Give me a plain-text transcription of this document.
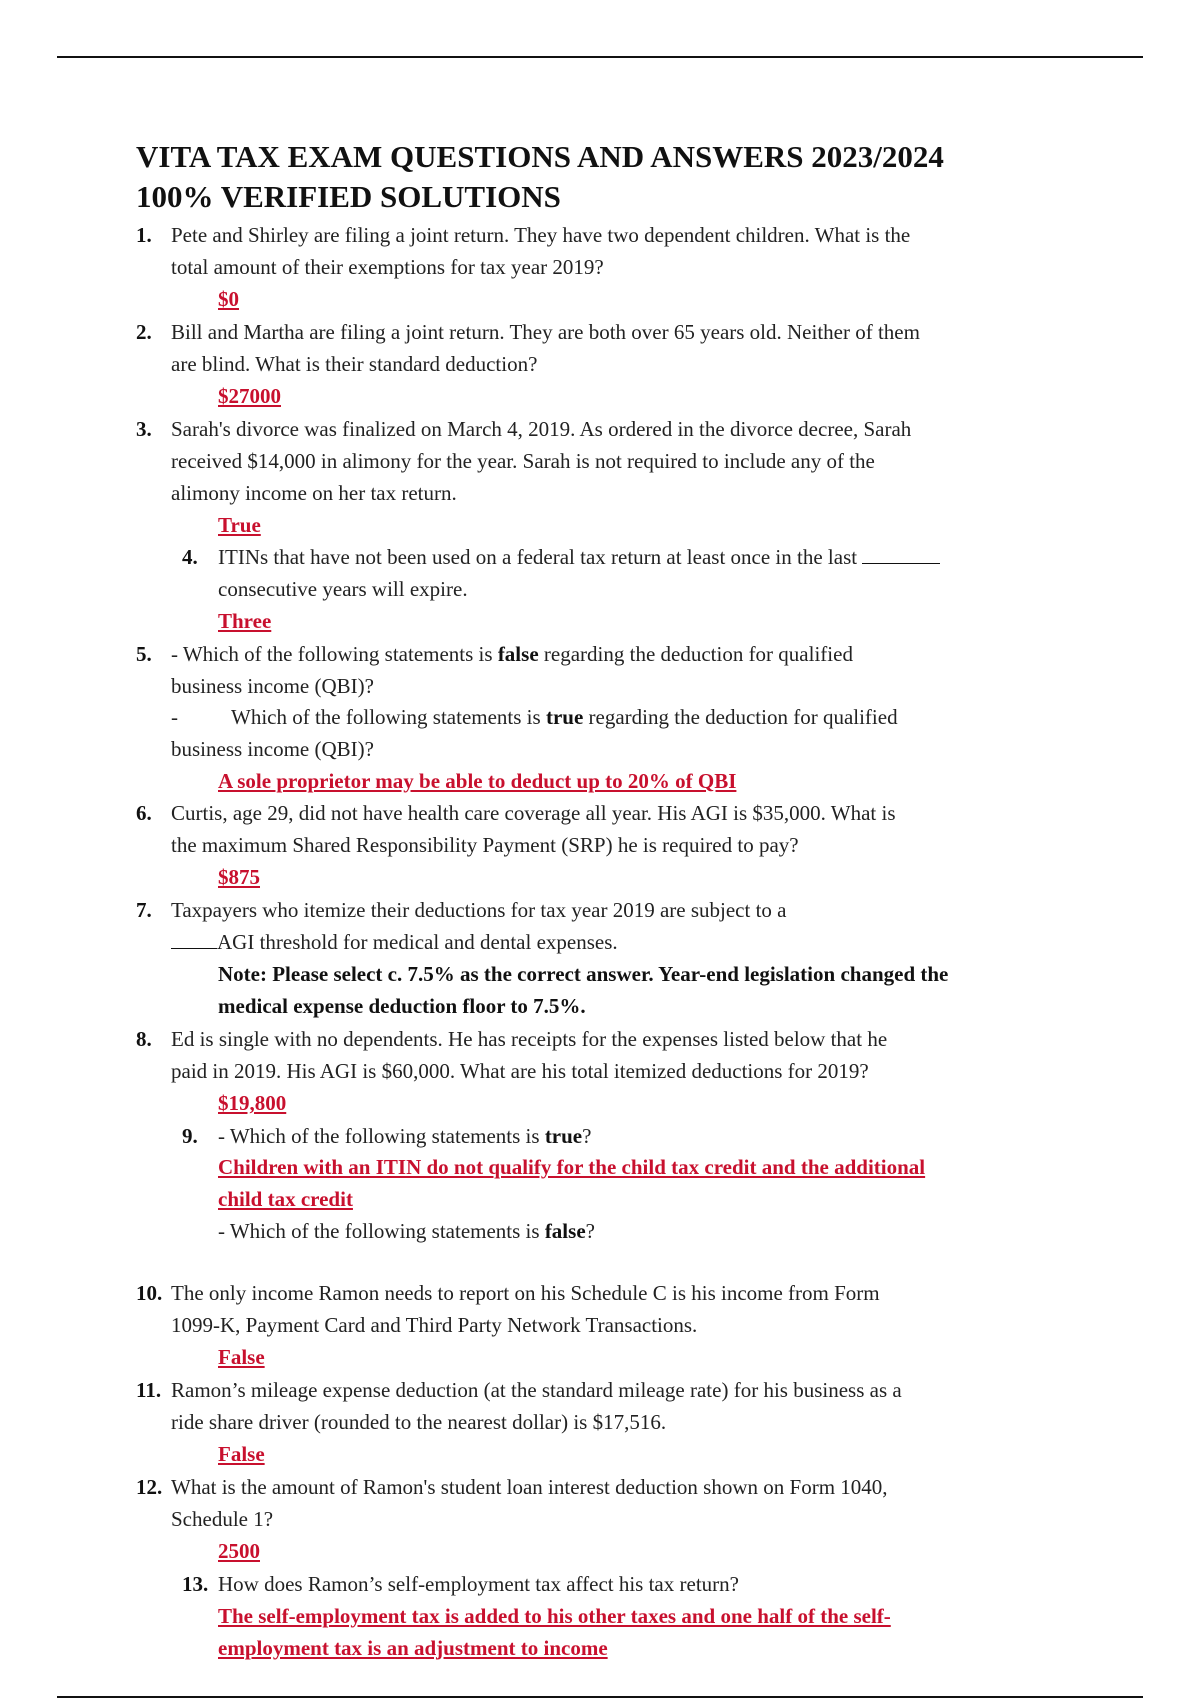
VITA TAX EXAM QUESTIONS AND ANSWERS 2023/2024
100% VERIFIED SOLUTIONS
1. Pete and Shirley are filing a joint return. They have two dependent children. What is the
total amount of their exemptions for tax year 2019?
$0
2. Bill and Martha are filing a joint return. They are both over 65 years old. Neither of them
are blind. What is their standard deduction?
$27000
3. Sarah's divorce was finalized on March 4, 2019. As ordered in the divorce decree, Sarah
received $14,000 in alimony for the year. Sarah is not required to include any of the
alimony income on her tax return.
True
4. ITINs that have not been used on a federal tax return at least once in the last
consecutive years will expire.
Three
5. - Which of the following statements is false regarding the deduction for qualified
business income (QBI)?
-	Which of the following statements is true regarding the deduction for qualified
business income (QBI)?
A sole proprietor may be able to deduct up to 20% of QBI
6. Curtis, age 29, did not have health care coverage all year. His AGI is $35,000. What is
the maximum Shared Responsibility Payment (SRP) he is required to pay?
$875
7. Taxpayers who itemize their deductions for tax year 2019 are subject to a
AGI threshold for medical and dental expenses.
Note: Please select c. 7.5% as the correct answer. Year-end legislation changed the
medical expense deduction floor to 7.5%.
8. Ed is single with no dependents. He has receipts for the expenses listed below that he
paid in 2019. His AGI is $60,000. What are his total itemized deductions for 2019?
$19,800
9. - Which of the following statements is true?
Children with an ITIN do not qualify for the child tax credit and the additional
child tax credit
- Which of the following statements is false?
10. The only income Ramon needs to report on his Schedule C is his income from Form
1099-K, Payment Card and Third Party Network Transactions.
False
11. Ramon’s mileage expense deduction (at the standard mileage rate) for his business as a
ride share driver (rounded to the nearest dollar) is $17,516.
False
12. What is the amount of Ramon's student loan interest deduction shown on Form 1040,
Schedule 1?
2500
13. How does Ramon’s self-employment tax affect his tax return?
The self-employment tax is added to his other taxes and one half of the self-
employment tax is an adjustment to income
